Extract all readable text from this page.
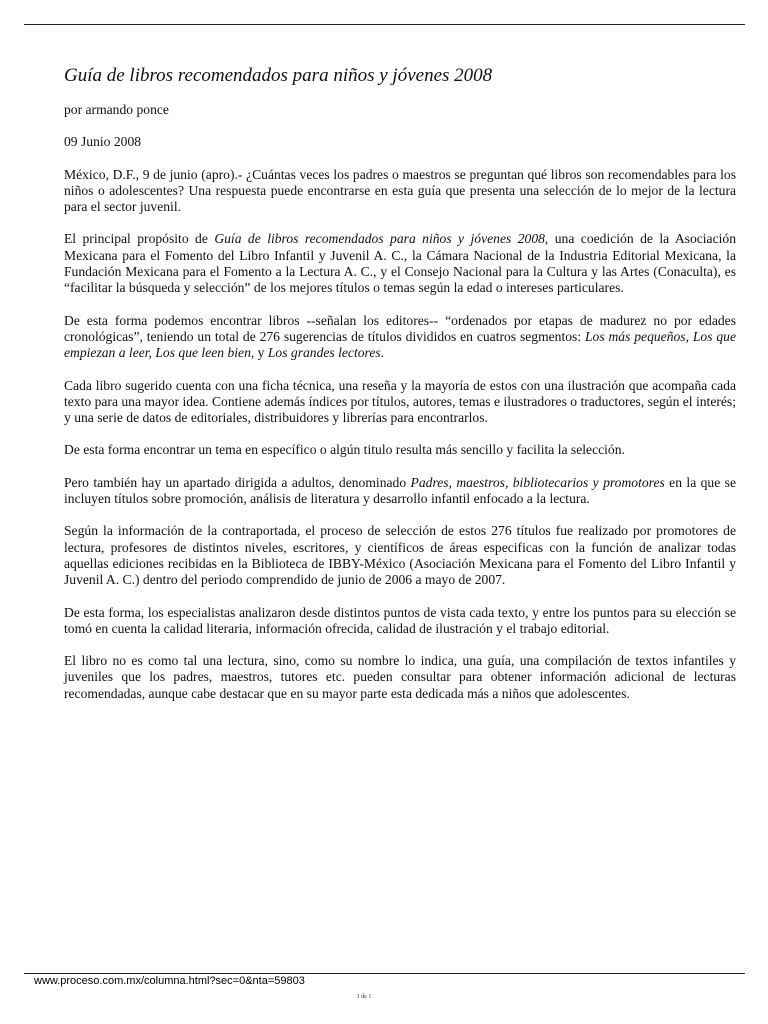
Guía de libros recomendados para niños y jóvenes 2008

por armando ponce

09 Junio 2008

México, D.F., 9 de junio (apro).- ¿Cuántas veces los padres o maestros se preguntan qué libros son recomendables para los niños o adolescentes? Una respuesta puede encontrarse en esta guía que presenta una selección de lo mejor de la lectura para el sector juvenil.

El principal propósito de Guía de libros recomendados para niños y jóvenes 2008, una coedición de la Asociación Mexicana para el Fomento del Libro Infantil y Juvenil A. C., la Cámara Nacional de la Industria Editorial Mexicana, la Fundación Mexicana para el Fomento a la Lectura A. C., y el Consejo Nacional para la Cultura y las Artes (Conaculta), es “facilitar la búsqueda y selección” de los mejores títulos o temas según la edad o intereses particulares.

De esta forma podemos encontrar libros --señalan los editores-- “ordenados por etapas de madurez no por edades cronológicas”, teniendo un total de 276 sugerencias de títulos divididos en cuatros segmentos: Los más pequeños, Los que empiezan a leer, Los que leen bien, y Los grandes lectores.

Cada libro sugerido cuenta con una ficha técnica, una reseña y la mayoría de estos con una ilustración que acompaña cada texto para una mayor idea. Contiene además índices por títulos, autores, temas e ilustradores o traductores, según el interés; y una serie de datos de editoriales, distribuidores y librerías para encontrarlos.

De esta forma encontrar un tema en específico o algún titulo resulta más sencillo y facilita la selección.

Pero también hay un apartado dirigida a adultos, denominado Padres, maestros, bibliotecarios y promotores en la que se incluyen títulos sobre promoción, análisis de literatura y desarrollo infantil enfocado a la lectura.

Según la información de la contraportada, el proceso de selección de estos 276 títulos fue realizado por promotores de lectura, profesores de distintos niveles, escritores, y científicos de áreas especificas con la función de analizar todas aquellas ediciones recibidas en la Biblioteca de IBBY-México (Asociación Mexicana para el Fomento del Libro Infantil y Juvenil A. C.) dentro del periodo comprendido de junio de 2006 a mayo de 2007.

De esta forma, los especialistas analizaron desde distintos puntos de vista cada texto, y entre los puntos para su elección se tomó en cuenta la calidad literaria, información ofrecida, calidad de ilustración y el trabajo editorial.

El libro no es como tal una lectura, sino, como su nombre lo indica, una guía, una compilación de textos infantiles y juveniles que los padres, maestros, tutores etc. pueden consultar para obtener información adicional de lecturas recomendadas, aunque cabe destacar que en su mayor parte esta dedicada más a niños que adolescentes.

www.proceso.com.mx/columna.html?sec=0&nta=59803
1 de 1
